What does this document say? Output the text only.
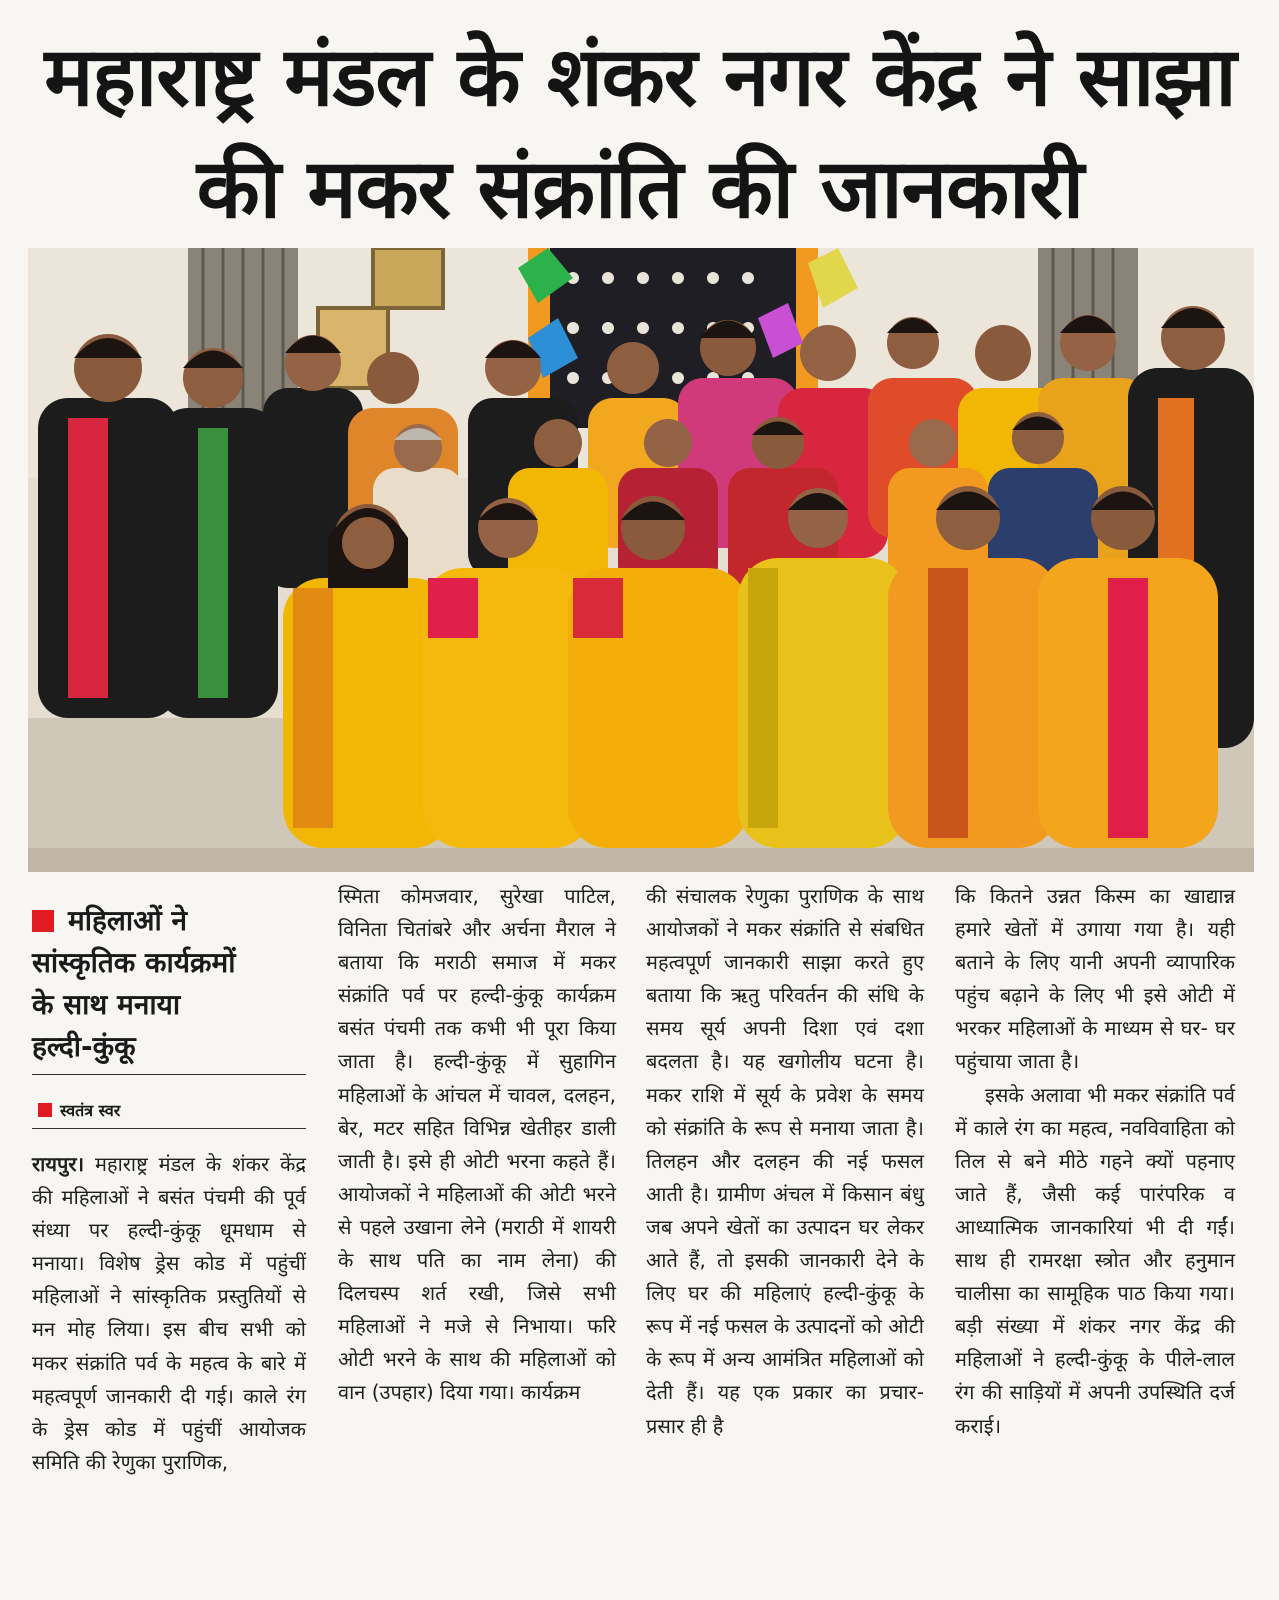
महाराष्ट्र मंडल के शंकर नगर केंद्र ने साझा
की मकर संक्रांति की जानकारी
महिलाओं ने
सांस्कृतिक कार्यक्रमों
के साथ मनाया
हल्दी-कुंकू
स्वतंत्र स्वर

रायपुर। महाराष्ट्र मंडल के शंकर केंद्र की महिलाओं ने बसंत पंचमी की पूर्व संध्या पर हल्दी-कुंकू धूमधाम से मनाया। विशेष ड्रेस कोड में पहुंचीं महिलाओं ने सांस्कृतिक प्रस्तुतियों से मन मोह लिया। इस बीच सभी को मकर संक्रांति पर्व के महत्व के बारे में महत्वपूर्ण जानकारी दी गई। काले रंग के ड्रेस कोड में पहुंचीं आयोजक समिति की रेणुका पुराणिक,

स्मिता कोमजवार, सुरेखा पाटिल, विनिता चितांबरे और अर्चना मैराल ने बताया कि मराठी समाज में मकर संक्रांति पर्व पर हल्दी-कुंकू कार्यक्रम बसंत पंचमी तक कभी भी पूरा किया जाता है। हल्दी-कुंकू में सुहागिन महिलाओं के आंचल में चावल, दलहन, बेर, मटर सहित विभिन्न खेतीहर डाली जाती है। इसे ही ओटी भरना कहते हैं। आयोजकों ने महिलाओं की ओटी भरने से पहले उखाना लेने (मराठी में शायरी के साथ पति का नाम लेना) की दिलचस्प शर्त रखी, जिसे सभी महिलाओं ने मजे से निभाया। फरि ओटी भरने के साथ की महिलाओं को वान (उपहार) दिया गया। कार्यक्रम

की संचालक रेणुका पुराणिक के साथ आयोजकों ने मकर संक्रांति से संबधित महत्वपूर्ण जानकारी साझा करते हुए बताया कि ऋतु परिवर्तन की संधि के समय सूर्य अपनी दिशा एवं दशा बदलता है। यह खगोलीय घटना है। मकर राशि में सूर्य के प्रवेश के समय को संक्रांति के रूप से मनाया जाता है। तिलहन और दलहन की नई फसल आती है। ग्रामीण अंचल में किसान बंधु जब अपने खेतों का उत्पादन घर लेकर आते हैं, तो इसकी जानकारी देने के लिए घर की महिलाएं हल्दी-कुंकू के रूप में नई फसल के उत्पादनों को ओटी के रूप में अन्य आमंत्रित महिलाओं को देती हैं। यह एक प्रकार का प्रचार- प्रसार ही है

कि कितने उन्नत किस्म का खाद्यान्न हमारे खेतों में उगाया गया है। यही बताने के लिए यानी अपनी व्यापारिक पहुंच बढ़ाने के लिए भी इसे ओटी में भरकर महिलाओं के माध्यम से घर- घर पहुंचाया जाता है।

इसके अलावा भी मकर संक्रांति पर्व में काले रंग का महत्व, नवविवाहिता को तिल से बने मीठे गहने क्यों पहनाए जाते हैं, जैसी कई पारंपरिक व आध्यात्मिक जानकारियां भी दी गईं।साथ ही रामरक्षा स्त्रोत और हनुमान चालीसा का सामूहिक पाठ किया गया। बड़ी संख्या में शंकर नगर केंद्र की महिलाओं ने हल्दी-कुंकू के पीले-लाल रंग की साड़ियों में अपनी उपस्थिति दर्ज कराई।
